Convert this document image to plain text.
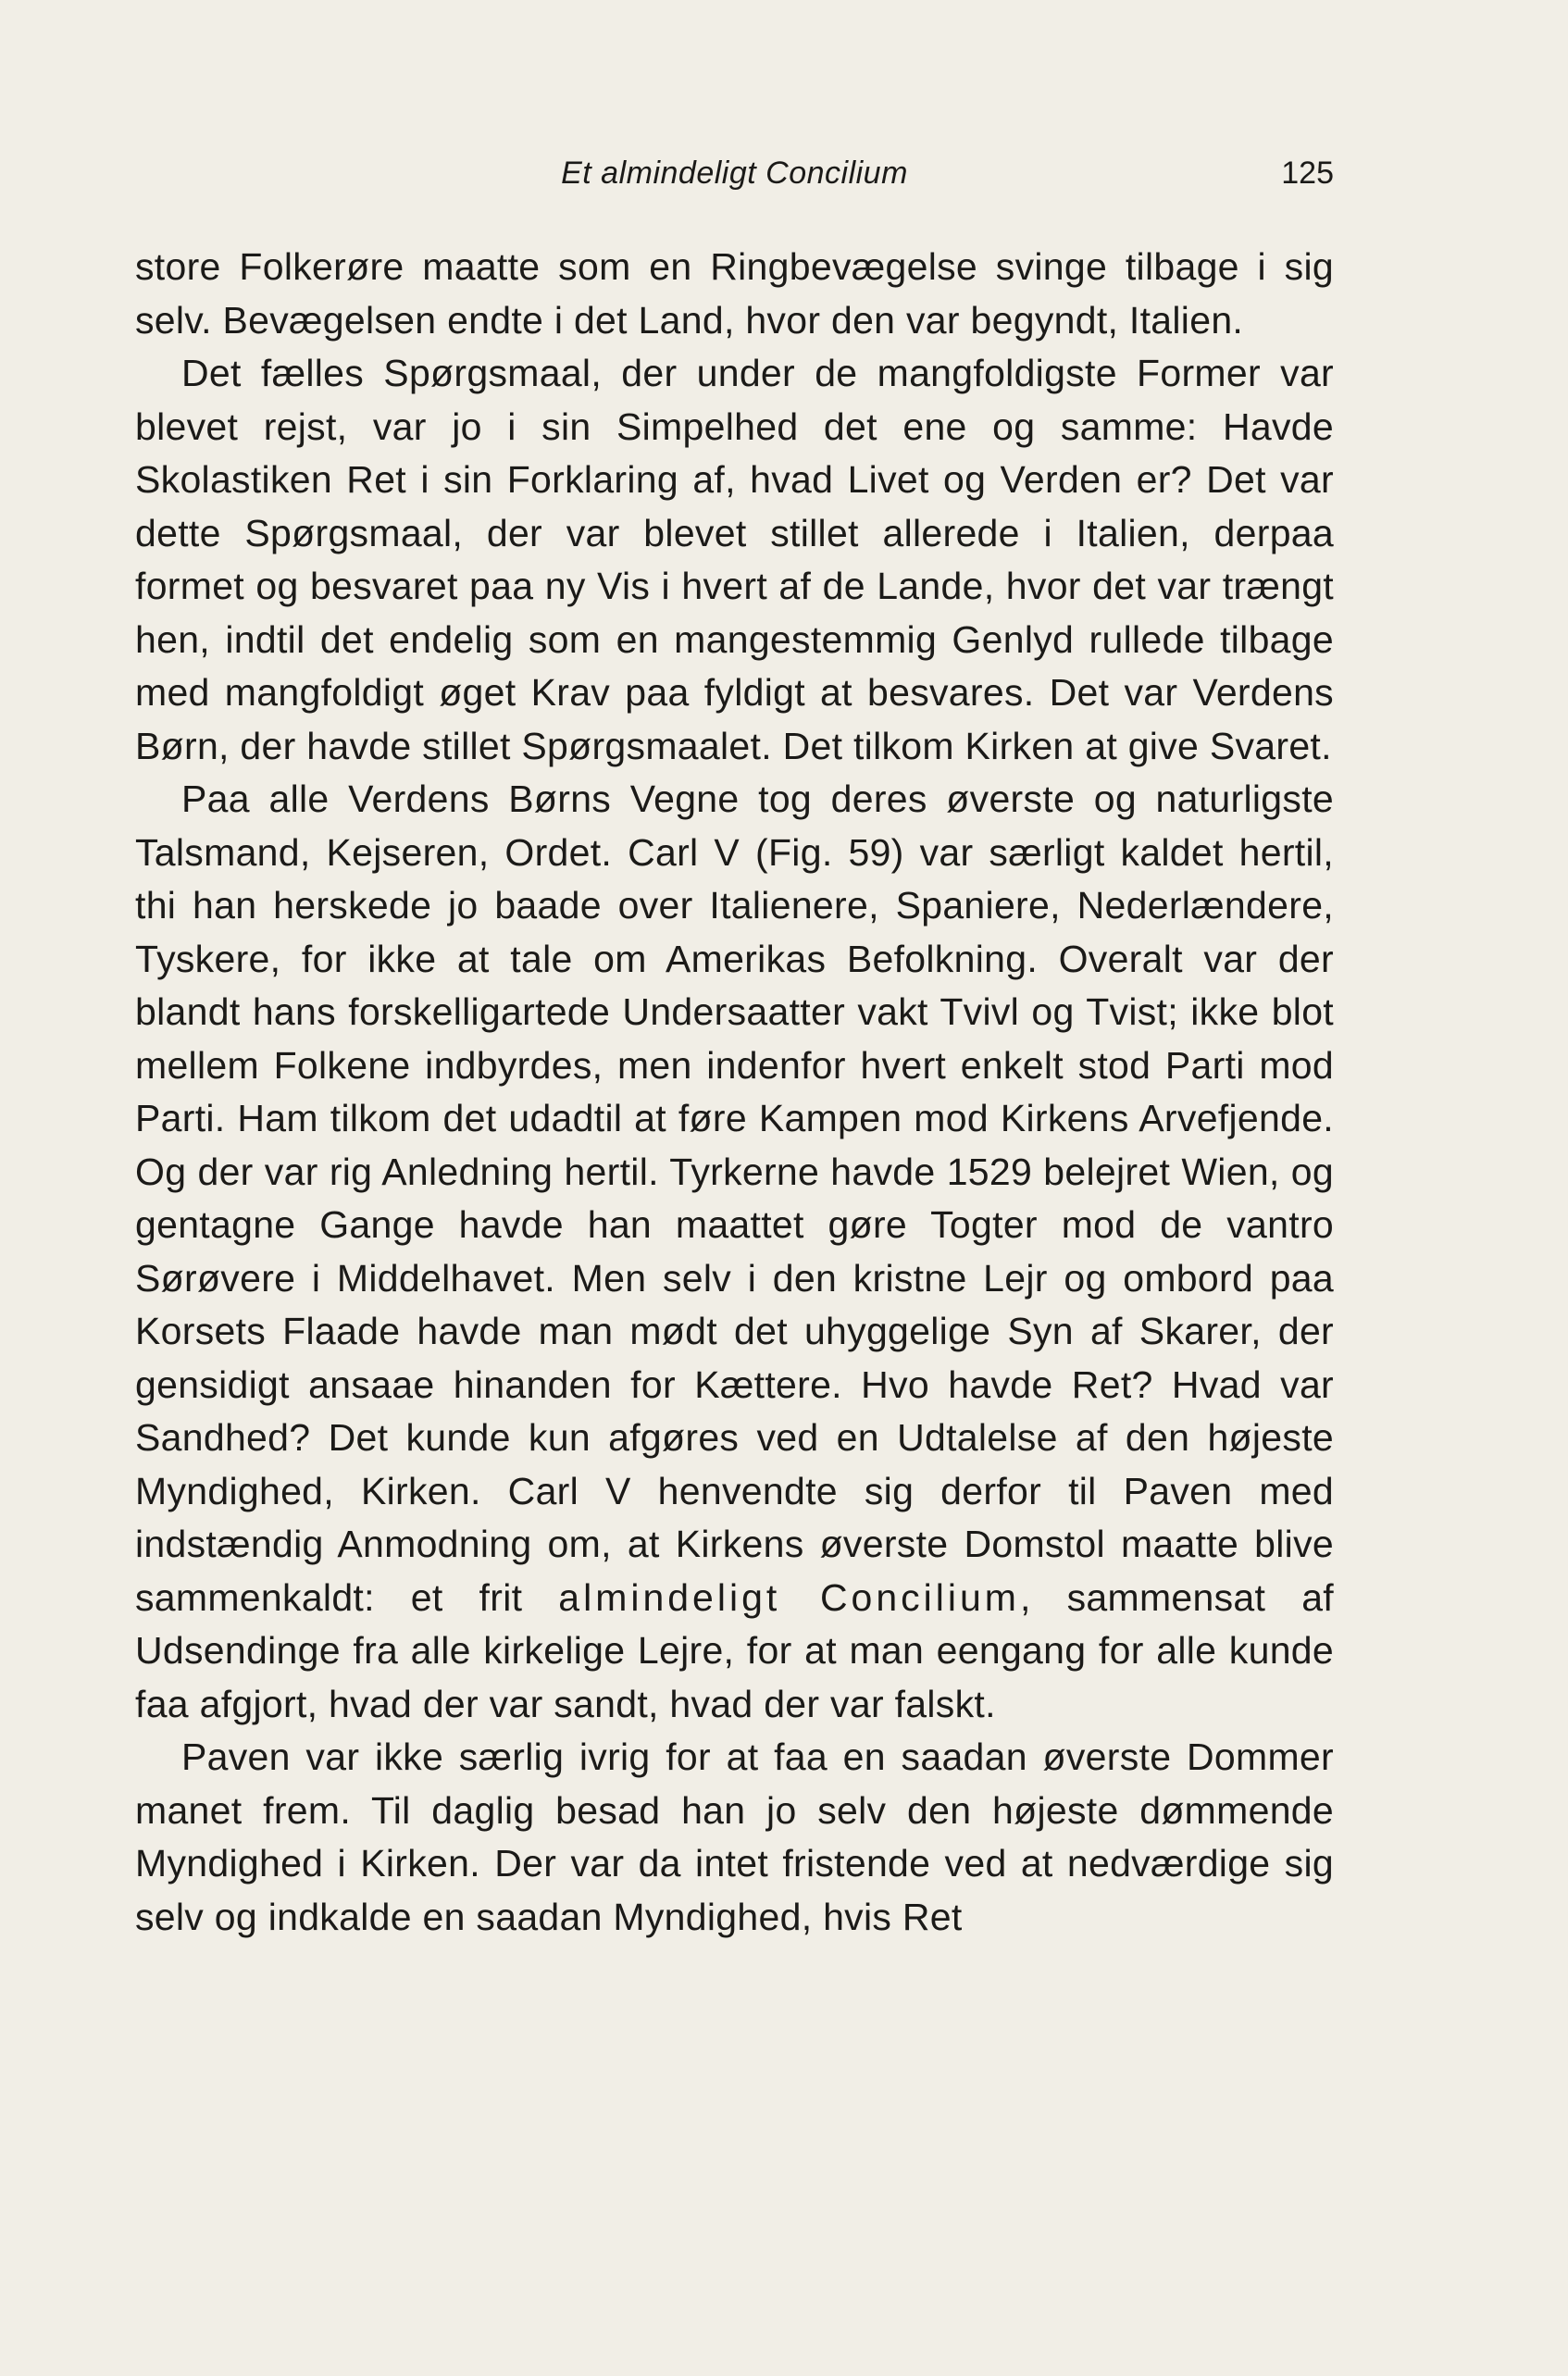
Et almindeligt Concilium	125

store Folkerøre maatte som en Ringbevægelse svinge tilbage i sig selv. Bevægelsen endte i det Land, hvor den var begyndt, Italien.

Det fælles Spørgsmaal, der under de mangfoldigste Former var blevet rejst, var jo i sin Simpelhed det ene og samme: Havde Skolastiken Ret i sin Forklaring af, hvad Livet og Verden er? Det var dette Spørgsmaal, der var blevet stillet allerede i Italien, derpaa formet og besvaret paa ny Vis i hvert af de Lande, hvor det var trængt hen, indtil det endelig som en mangestemmig Genlyd rullede tilbage med mangfoldigt øget Krav paa fyldigt at besvares. Det var Verdens Børn, der havde stillet Spørgsmaalet. Det tilkom Kirken at give Svaret.

Paa alle Verdens Børns Vegne tog deres øverste og naturligste Talsmand, Kejseren, Ordet. Carl V (Fig. 59) var særligt kaldet hertil, thi han herskede jo baade over Italienere, Spaniere, Nederlændere, Tyskere, for ikke at tale om Amerikas Befolkning. Overalt var der blandt hans forskelligartede Undersaatter vakt Tvivl og Tvist; ikke blot mellem Folkene indbyrdes, men indenfor hvert enkelt stod Parti mod Parti. Ham tilkom det udadtil at føre Kampen mod Kirkens Arvefjende. Og der var rig Anledning hertil. Tyrkerne havde 1529 belejret Wien, og gentagne Gange havde han maattet gøre Togter mod de vantro Sørøvere i Middelhavet. Men selv i den kristne Lejr og ombord paa Korsets Flaade havde man mødt det uhyggelige Syn af Skarer, der gensidigt ansaae hinanden for Kættere. Hvo havde Ret? Hvad var Sandhed? Det kunde kun afgøres ved en Udtalelse af den højeste Myndighed, Kirken. Carl V henvendte sig derfor til Paven med indstændig Anmodning om, at Kirkens øverste Domstol maatte blive sammenkaldt: et frit almindeligt Concilium, sammensat af Udsendinge fra alle kirkelige Lejre, for at man eengang for alle kunde faa afgjort, hvad der var sandt, hvad der var falskt.

Paven var ikke særlig ivrig for at faa en saadan øverste Dommer manet frem. Til daglig besad han jo selv den højeste dømmende Myndighed i Kirken. Der var da intet fristende ved at nedværdige sig selv og indkalde en saadan Myndighed, hvis Ret
